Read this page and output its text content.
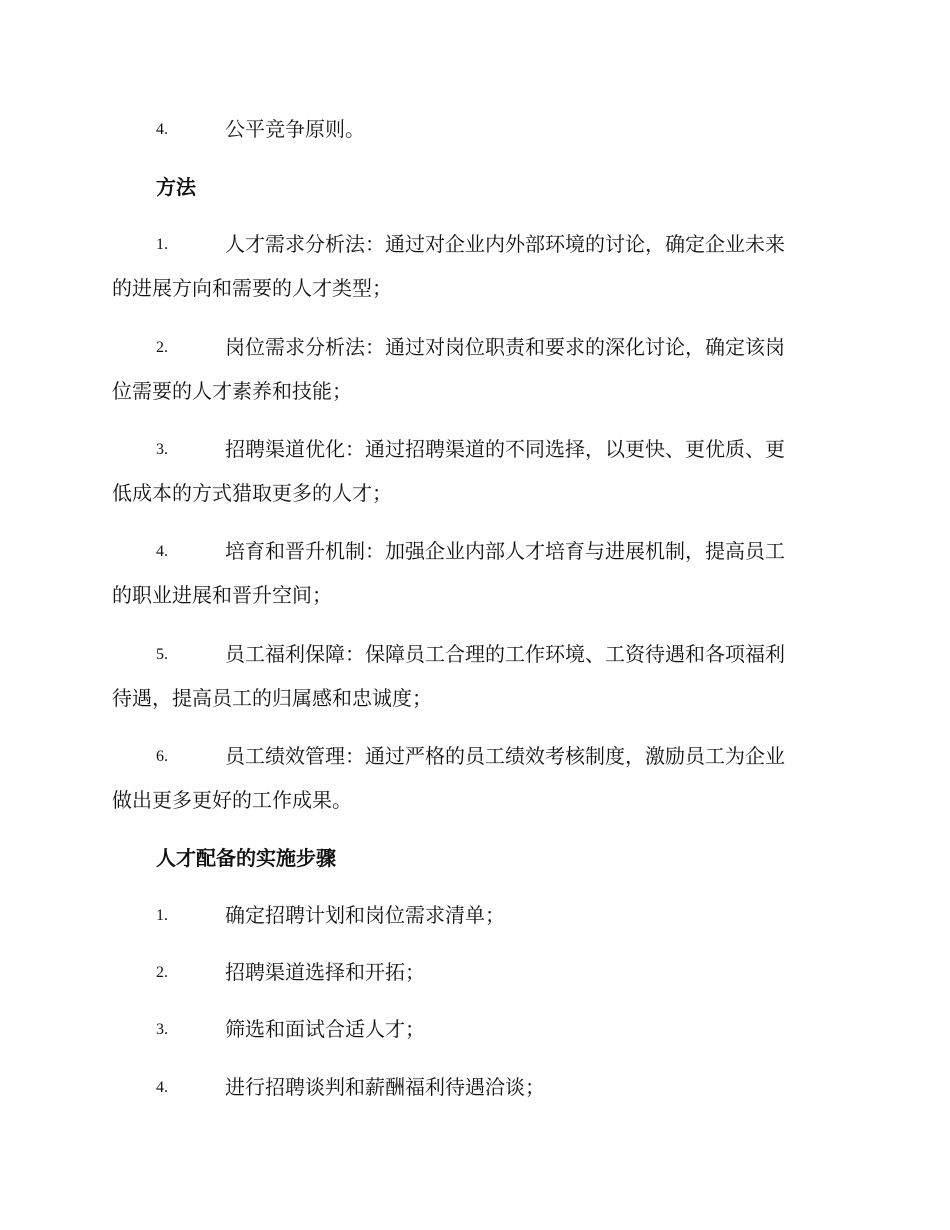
4.	公平竞争原则。
方法
1.	人才需求分析法：通过对企业内外部环境的讨论，确定企业未来
的进展方向和需要的人才类型；
2.	岗位需求分析法：通过对岗位职责和要求的深化讨论，确定该岗
位需要的人才素养和技能；
3.	招聘渠道优化：通过招聘渠道的不同选择，以更快、更优质、更
低成本的方式猎取更多的人才；
4.	培育和晋升机制：加强企业内部人才培育与进展机制，提高员工
的职业进展和晋升空间；
5.	员工福利保障：保障员工合理的工作环境、工资待遇和各项福利
待遇，提高员工的归属感和忠诚度；
6.	员工绩效管理：通过严格的员工绩效考核制度，激励员工为企业
做出更多更好的工作成果。
人才配备的实施步骤
1.	确定招聘计划和岗位需求清单；
2.	招聘渠道选择和开拓；
3.	筛选和面试合适人才；
4.	进行招聘谈判和薪酬福利待遇洽谈；
